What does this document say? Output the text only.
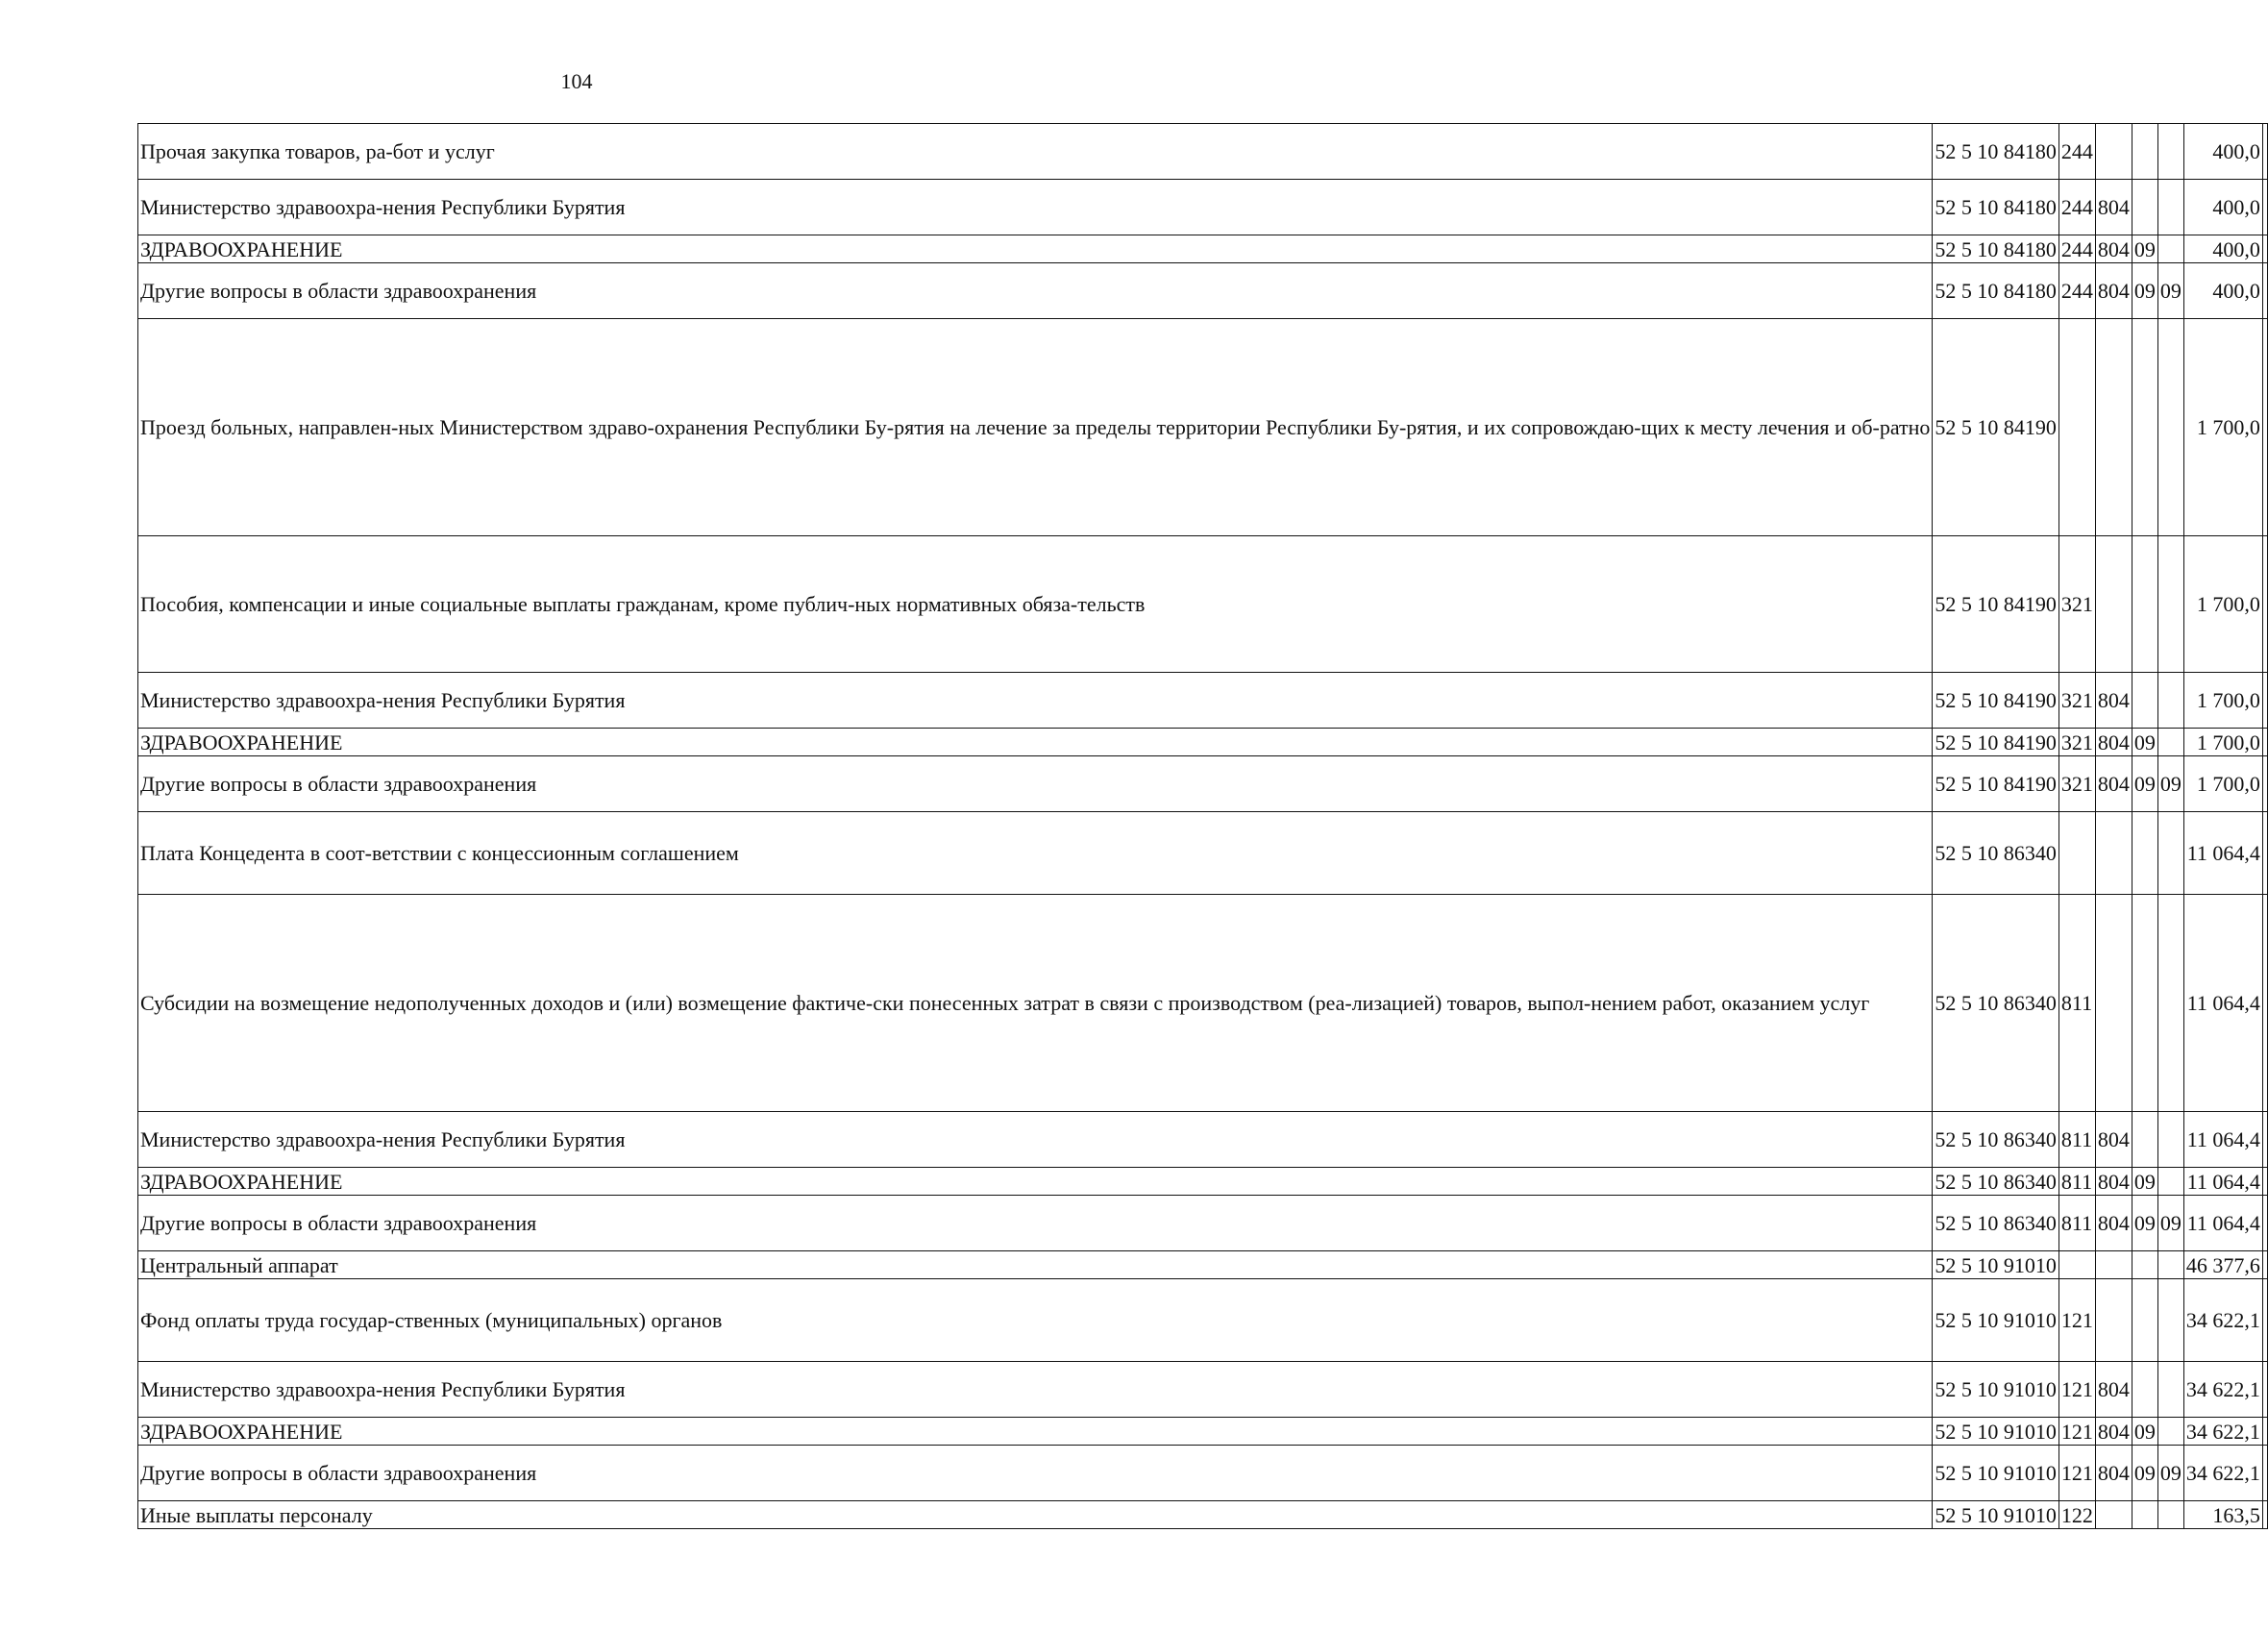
104
Прочая закупка товаров, ра-бот и услуг	52 5 10 84180	244				400,0	
Министерство здравоохра-нения Республики Бурятия	52 5 10 84180	244	804			400,0	
ЗДРАВООХРАНЕНИЕ	52 5 10 84180	244	804	09		400,0	
Другие вопросы в области здравоохранения	52 5 10 84180	244	804	09	09	400,0	
Проезд больных, направлен-ных Министерством здраво-охранения Республики Бу-рятия на лечение за пределы территории Республики Бу-рятия, и их сопровождаю-щих к месту лечения и об-ратно	52 5 10 84190					1 700,0	
Пособия, компенсации и иные социальные выплаты гражданам, кроме публич-ных нормативных обяза-тельств	52 5 10 84190	321				1 700,0	
Министерство здравоохра-нения Республики Бурятия	52 5 10 84190	321	804			1 700,0	
ЗДРАВООХРАНЕНИЕ	52 5 10 84190	321	804	09		1 700,0	
Другие вопросы в области здравоохранения	52 5 10 84190	321	804	09	09	1 700,0	
Плата Концедента в соот-ветствии с концессионным соглашением	52 5 10 86340					11 064,4	
Субсидии на возмещение недополученных доходов и (или) возмещение фактиче-ски понесенных затрат в связи с производством (реа-лизацией) товаров, выпол-нением работ, оказанием услуг	52 5 10 86340	811				11 064,4	
Министерство здравоохра-нения Республики Бурятия	52 5 10 86340	811	804			11 064,4	
ЗДРАВООХРАНЕНИЕ	52 5 10 86340	811	804	09		11 064,4	
Другие вопросы в области здравоохранения	52 5 10 86340	811	804	09	09	11 064,4	
Центральный аппарат	52 5 10 91010					46 377,6	
Фонд оплаты труда государ-ственных (муниципальных) органов	52 5 10 91010	121				34 622,1	
Министерство здравоохра-нения Республики Бурятия	52 5 10 91010	121	804			34 622,1	
ЗДРАВООХРАНЕНИЕ	52 5 10 91010	121	804	09		34 622,1	
Другие вопросы в области здравоохранения	52 5 10 91010	121	804	09	09	34 622,1	
Иные выплаты персоналу	52 5 10 91010	122				163,5	
